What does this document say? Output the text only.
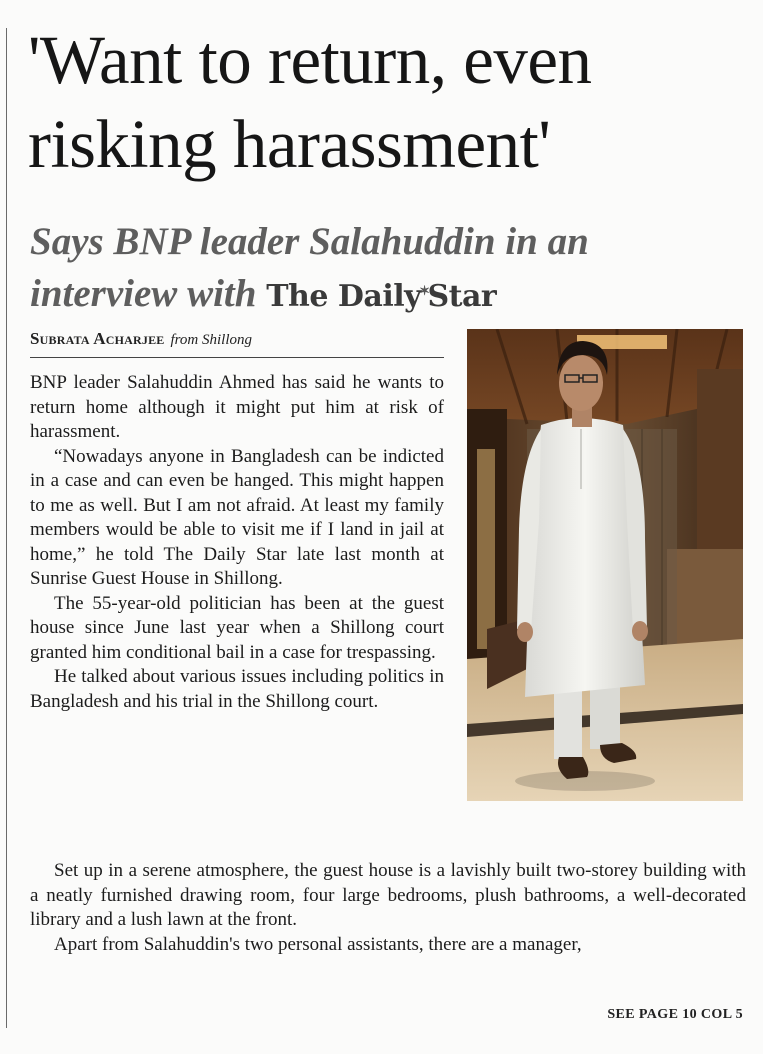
'Want to return, even
risking harassment'
Says BNP leader Salahuddin in an
interview with The Daily✶Star
Subrata Acharjee from Shillong

BNP leader Salahuddin Ahmed has said he wants to return home although it might put him at risk of harassment.

“Nowadays anyone in Bangladesh can be indicted in a case and can even be hanged. This might happen to me as well. But I am not afraid. At least my family members would be able to visit me if I land in jail at home,” he told The Daily Star late last month at Sunrise Guest House in Shillong.

The 55-year-old politician has been at the guest house since June last year when a Shillong court granted him conditional bail in a case for trespassing.

He talked about various issues including politics in Bangladesh and his trial in the Shillong court.

Set up in a serene atmosphere, the guest house is a lavishly built two-storey building with a neatly furnished drawing room, four large bedrooms, plush bathrooms, a well-decorated library and a lush lawn at the front.

Apart from Salahuddin's two personal assistants, there are a manager,

SEE PAGE 10 COL 5
